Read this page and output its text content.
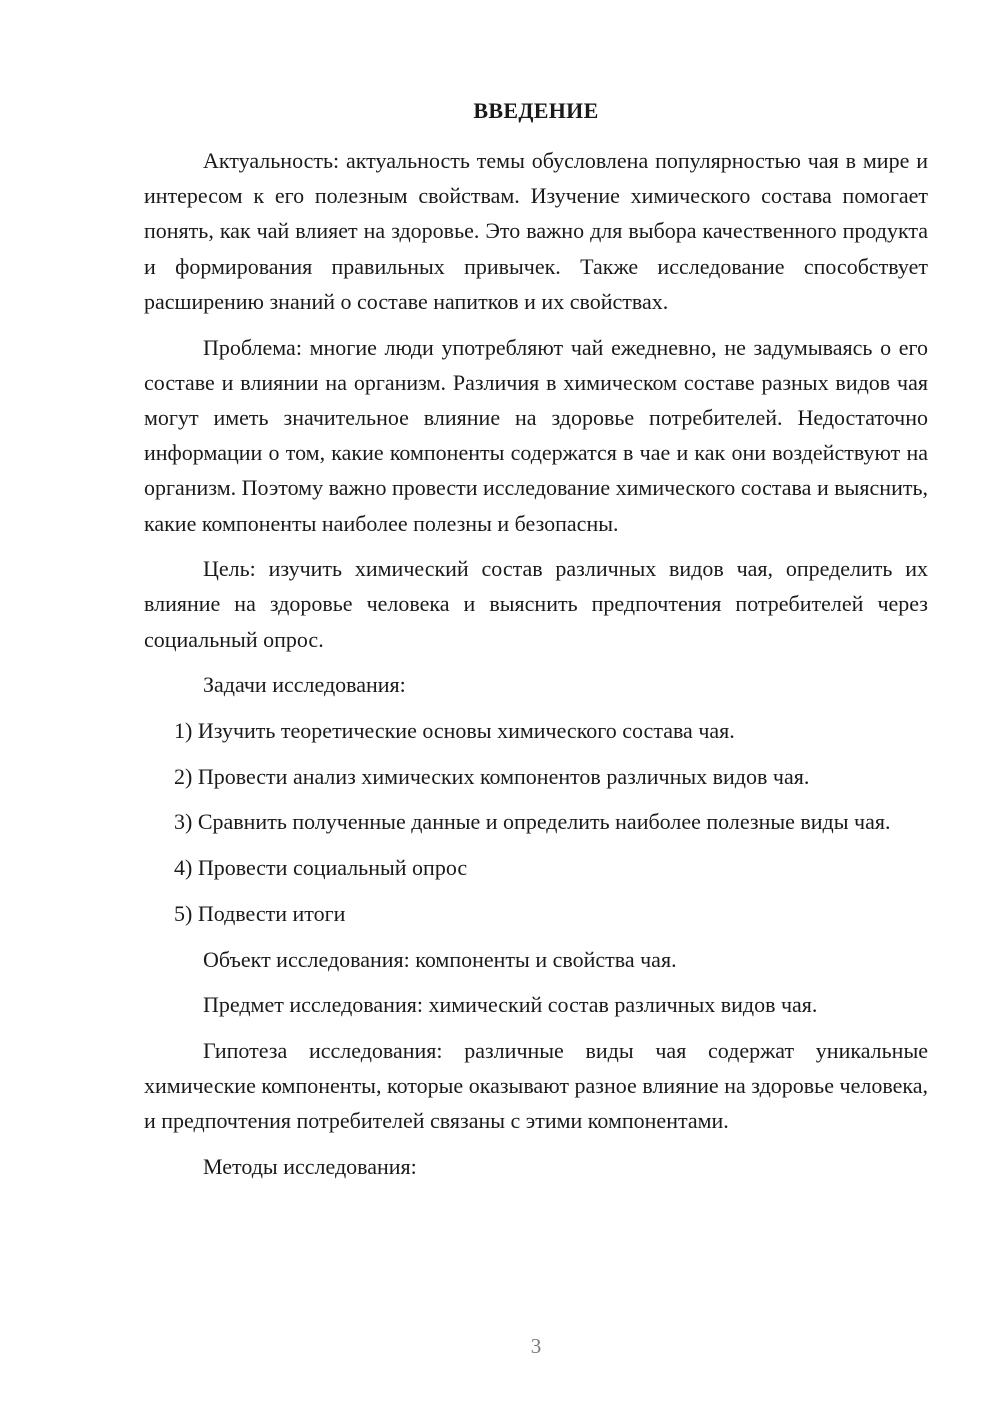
ВВЕДЕНИЕ

Актуальность: актуальность темы обусловлена популярностью чая в мире и интересом к его полезным свойствам. Изучение химического состава помогает понять, как чай влияет на здоровье. Это важно для выбора качественного продукта и формирования правильных привычек. Также исследование способствует расширению знаний о составе напитков и их свойствах.

Проблема: многие люди употребляют чай ежедневно, не задумываясь о его составе и влиянии на организм. Различия в химическом составе разных видов чая могут иметь значительное влияние на здоровье потребителей. Недостаточно информации о том, какие компоненты содержатся в чае и как они воздействуют на организм. Поэтому важно провести исследование химического состава и выяснить, какие компоненты наиболее полезны и безопасны.

Цель: изучить химический состав различных видов чая, определить их влияние на здоровье человека и выяснить предпочтения потребителей через социальный опрос.

Задачи исследования:

1) Изучить теоретические основы химического состава чая.

2) Провести анализ химических компонентов различных видов чая.

3) Сравнить полученные данные и определить наиболее полезные виды чая.

4) Провести социальный опрос

5) Подвести итоги

Объект исследования: компоненты и свойства чая.

Предмет исследования: химический состав различных видов чая.

Гипотеза исследования: различные виды чая содержат уникальные химические компоненты, которые оказывают разное влияние на здоровье человека, и предпочтения потребителей связаны с этими компонентами.

Методы исследования:

3
